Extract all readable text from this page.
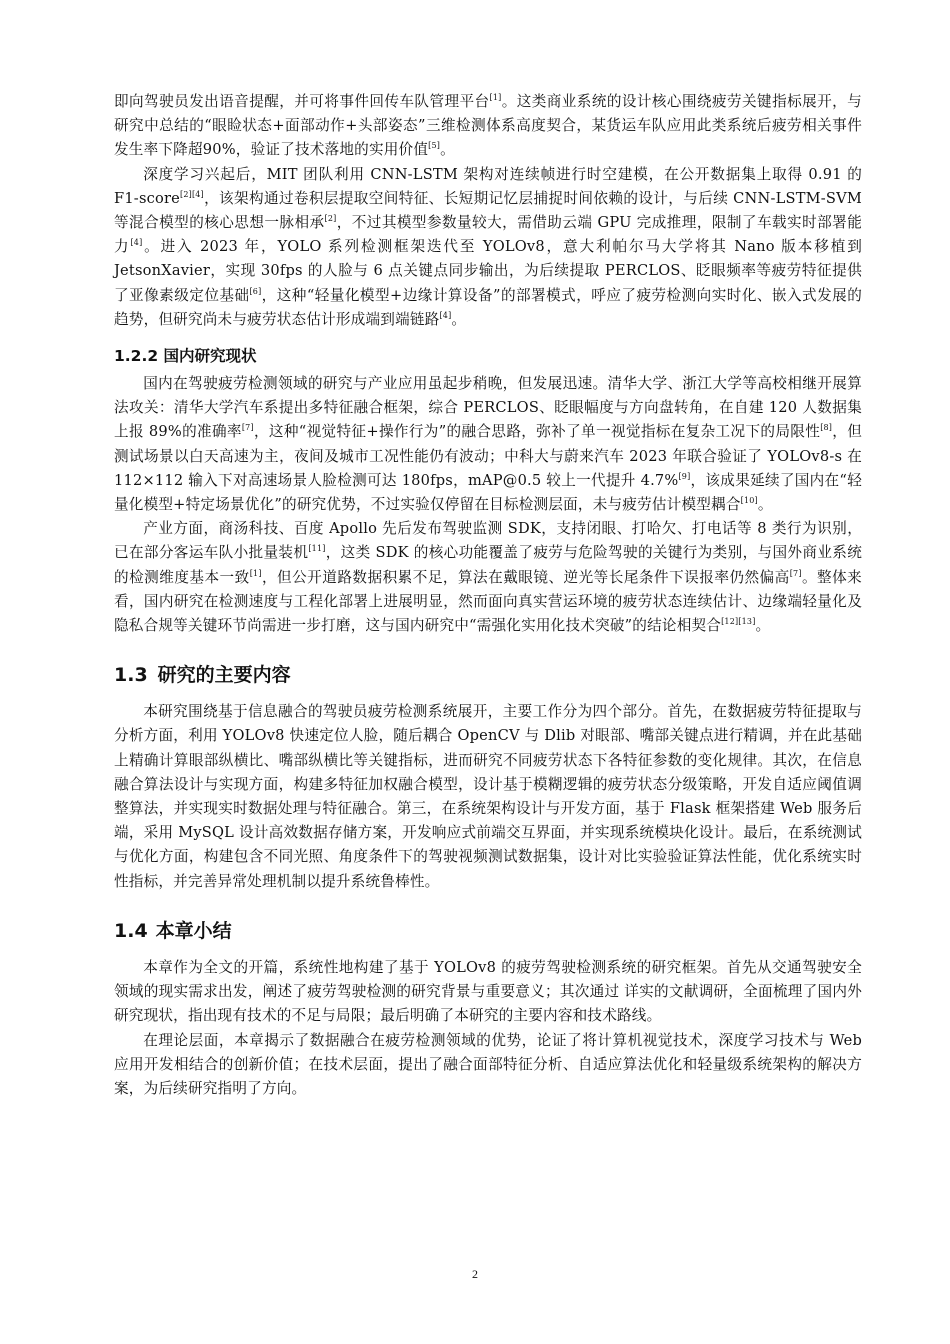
即向驾驶员发出语音提醒，并可将事件回传车队管理平台[1]。这类商业系统的设计核心围绕疲劳关键指标展开，与研究中总结的“眼睑状态+面部动作+头部姿态”三维检测体系高度契合，某货运车队应用此类系统后疲劳相关事件发生率下降超90%，验证了技术落地的实用价值[5]。

深度学习兴起后，MIT 团队利用 CNN-LSTM 架构对连续帧进行时空建模，在公开数据集上取得 0.91 的 F1-score[2][4]，该架构通过卷积层提取空间特征、长短期记忆层捕捉时间依赖的设计，与后续 CNN-LSTM-SVM 等混合模型的核心思想一脉相承[2]，不过其模型参数量较大，需借助云端 GPU 完成推理，限制了车载实时部署能力[4]。进入 2023 年，YOLO 系列检测框架迭代至 YOLOv8，意大利帕尔马大学将其 Nano 版本移植到 JetsonXavier，实现 30fps 的人脸与 6 点关键点同步输出，为后续提取 PERCLOS、眨眼频率等疲劳特征提供了亚像素级定位基础[6]，这种“轻量化模型+边缘计算设备”的部署模式，呼应了疲劳检测向实时化、嵌入式发展的趋势，但研究尚未与疲劳状态估计形成端到端链路[4]。

1.2.2 国内研究现状

国内在驾驶疲劳检测领域的研究与产业应用虽起步稍晚，但发展迅速。清华大学、浙江大学等高校相继开展算法攻关：清华大学汽车系提出多特征融合框架，综合 PERCLOS、眨眼幅度与方向盘转角，在自建 120 人数据集上报 89%的准确率[7]，这种“视觉特征+操作行为”的融合思路，弥补了单一视觉指标在复杂工况下的局限性[8]，但测试场景以白天高速为主，夜间及城市工况性能仍有波动；中科大与蔚来汽车 2023 年联合验证了 YOLOv8-s 在 112×112 输入下对高速场景人脸检测可达 180fps，mAP@0.5 较上一代提升 4.7%[9]，该成果延续了国内在“轻量化模型+特定场景优化”的研究优势，不过实验仅停留在目标检测层面，未与疲劳估计模型耦合[10]。

产业方面，商汤科技、百度 Apollo 先后发布驾驶监测 SDK，支持闭眼、打哈欠、打电话等 8 类行为识别，已在部分客运车队小批量装机[11]，这类 SDK 的核心功能覆盖了疲劳与危险驾驶的关键行为类别，与国外商业系统的检测维度基本一致[1]，但公开道路数据积累不足，算法在戴眼镜、逆光等长尾条件下误报率仍然偏高[7]。整体来看，国内研究在检测速度与工程化部署上进展明显，然而面向真实营运环境的疲劳状态连续估计、边缘端轻量化及隐私合规等关键环节尚需进一步打磨，这与国内研究中“需强化实用化技术突破”的结论相契合[12][13]。

1.3 研究的主要内容

本研究围绕基于信息融合的驾驶员疲劳检测系统展开，主要工作分为四个部分。首先，在数据疲劳特征提取与分析方面，利用 YOLOv8 快速定位人脸，随后耦合 OpenCV 与 Dlib 对眼部、嘴部关键点进行精调，并在此基础上精确计算眼部纵横比、嘴部纵横比等关键指标，进而研究不同疲劳状态下各特征参数的变化规律。其次，在信息融合算法设计与实现方面，构建多特征加权融合模型，设计基于模糊逻辑的疲劳状态分级策略，开发自适应阈值调整算法，并实现实时数据处理与特征融合。第三，在系统架构设计与开发方面，基于 Flask 框架搭建 Web 服务后端，采用 MySQL 设计高效数据存储方案，开发响应式前端交互界面，并实现系统模块化设计。最后，在系统测试与优化方面，构建包含不同光照、角度条件下的驾驶视频测试数据集，设计对比实验验证算法性能，优化系统实时性指标，并完善异常处理机制以提升系统鲁棒性。

1.4 本章小结

本章作为全文的开篇，系统性地构建了基于 YOLOv8 的疲劳驾驶检测系统的研究框架。首先从交通驾驶安全领域的现实需求出发，阐述了疲劳驾驶检测的研究背景与重要意义；其次通过 详实的文献调研，全面梳理了国内外研究现状，指出现有技术的不足与局限；最后明确了本研究的主要内容和技术路线。

在理论层面，本章揭示了数据融合在疲劳检测领域的优势，论证了将计算机视觉技术，深度学习技术与 Web 应用开发相结合的创新价值；在技术层面，提出了融合面部特征分析、自适应算法优化和轻量级系统架构的解决方案，为后续研究指明了方向。

2
